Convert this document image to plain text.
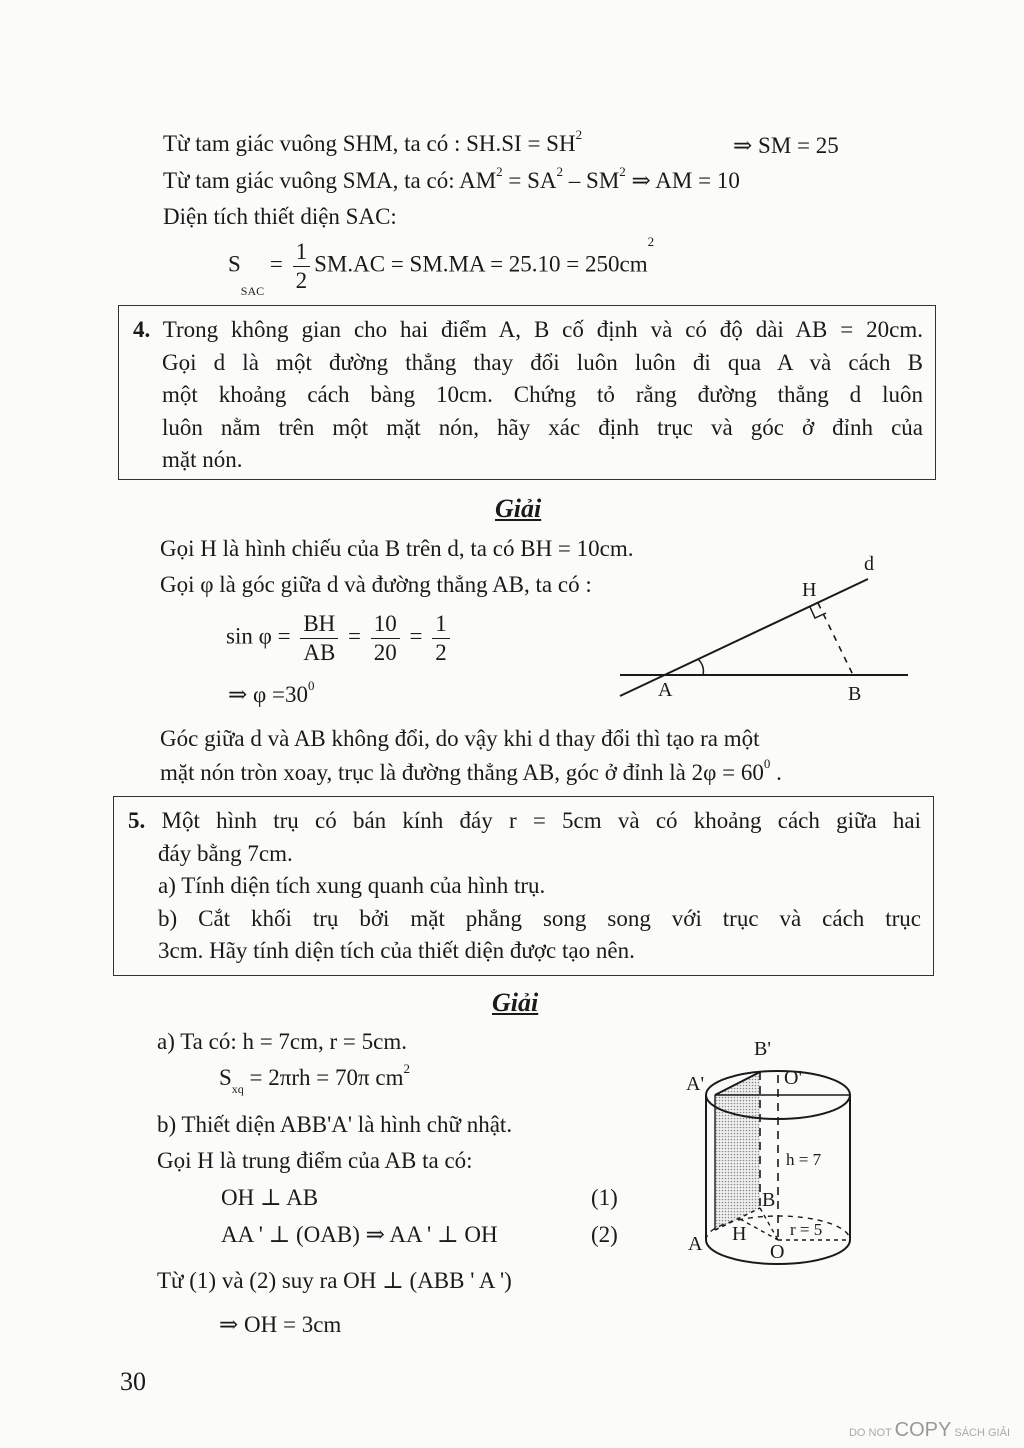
Từ tam giác vuông SHM, ta có : $SH.SI = SH^2$	⇒ SM = 25
Từ tam giác vuông SMA, ta có: $AM^2 = SA^2 - SM^2$ ⇒ AM = 10
Diện tích thiết diện SAC:
$S_{SAC} = \frac{1}{2} SM.AC = SM.MA = 25.10 = 250cm^2$
4. Trong không gian cho hai điểm A, B cố định và có độ dài AB = 20cm.
Gọi d là một đường thẳng thay đổi luôn luôn đi qua A và cách B
một khoảng cách bàng 10cm. Chứng tỏ rằng đường thẳng d luôn
luôn nằm trên một mặt nón, hãy xác định trục và góc ở đỉnh của
mặt nón.
Giải
Gọi H là hình chiếu của B trên d, ta có BH = 10cm.
Gọi φ là góc giữa d và đường thẳng AB, ta có :
$\sin \varphi = \frac{BH}{AB} = \frac{10}{20} = \frac{1}{2}$
⇒ $\varphi =30^0$
d
H
A	B
Góc giữa d và AB không đổi, do vậy khi d thay đổi thì tạo ra một
mặt nón tròn xoay, trục là đường thẳng AB, góc ở đỉnh là $2\varphi = 60^0$ .
5. Một hình trụ có bán kính đáy r = 5cm và có khoảng cách giữa hai
đáy bằng 7cm.
a) Tính diện tích xung quanh của hình trụ.
b) Cắt khối trụ bởi mặt phẳng song song với trục và cách trục
3cm. Hãy tính diện tích của thiết diện được tạo nên.
Giải
a) Ta có: h = 7cm, r = 5cm.
$S_{xq} = 2\pi rh = 70\pi$ $cm^2$
b) Thiết diện ABB'A' là hình chữ nhật.
Gọi H là trung điểm của AB ta có:
OH ⊥ AB	(1)
AA ' ⊥ (OAB) ⇒ AA ' ⊥ OH	(2)
Từ (1) và (2) suy ra OH ⊥ (ABB ' A ')
⇒ OH = 3cm
B'
A'	O'
h = 7
B
A H
O
r = 5
30
DO NOT COPY SÁCH GIẢI
